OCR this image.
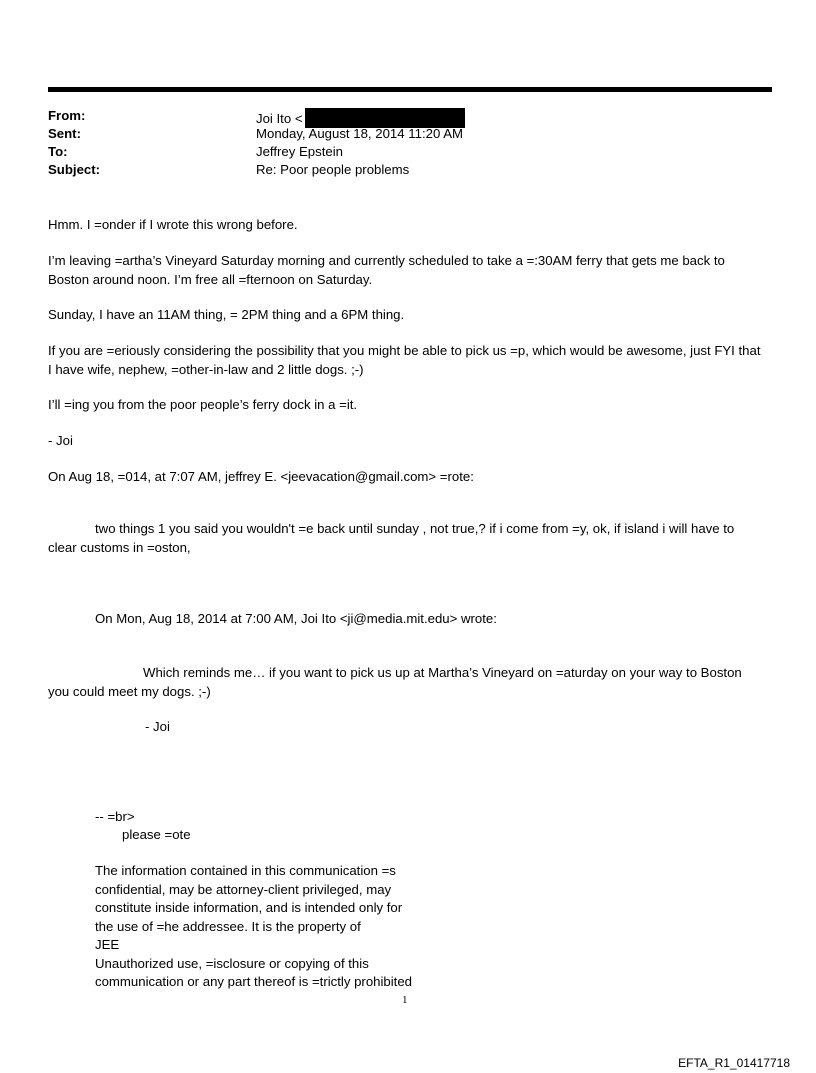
From:	Joi Ito <
Sent:	Monday, August 18, 2014 11:20 AM
To:	Jeffrey Epstein
Subject:	Re: Poor people problems
Hmm. I =onder if I wrote this wrong before.
I’m leaving =artha’s Vineyard Saturday morning and currently scheduled to take a =:30AM ferry that gets me back to Boston around noon. I’m free all =fternoon on Saturday.
Sunday, I have an 11AM thing, = 2PM thing and a 6PM thing.
If you are =eriously considering the possibility that you might be able to pick us =p, which would be awesome, just FYI that I have wife, nephew, =other-in-law and 2 little dogs. ;-)
I’ll =ing you from the poor people’s ferry dock in a =it.
- Joi
On Aug 18, =014, at 7:07 AM, jeffrey E. <jeevacation@gmail.com> =rote:
two things 1 you said you wouldn't =e back until sunday , not true,? if i come from =y, ok, if island i will have to clear customs in =oston,
On Mon, Aug 18, 2014 at 7:00 AM, Joi Ito <ji@media.mit.edu> wrote:
Which reminds me… if you want to pick us up at Martha’s Vineyard on =aturday on your way to Boston you could meet my dogs. ;-)
- Joi
-- =br>
please =ote
The information contained in this communication =s
confidential, may be attorney-client privileged, may
constitute inside information, and is intended only for
the use of =he addressee. It is the property of
JEE
Unauthorized use, =isclosure or copying of this
communication or any part thereof is =trictly prohibited
1
EFTA_R1_01417718
